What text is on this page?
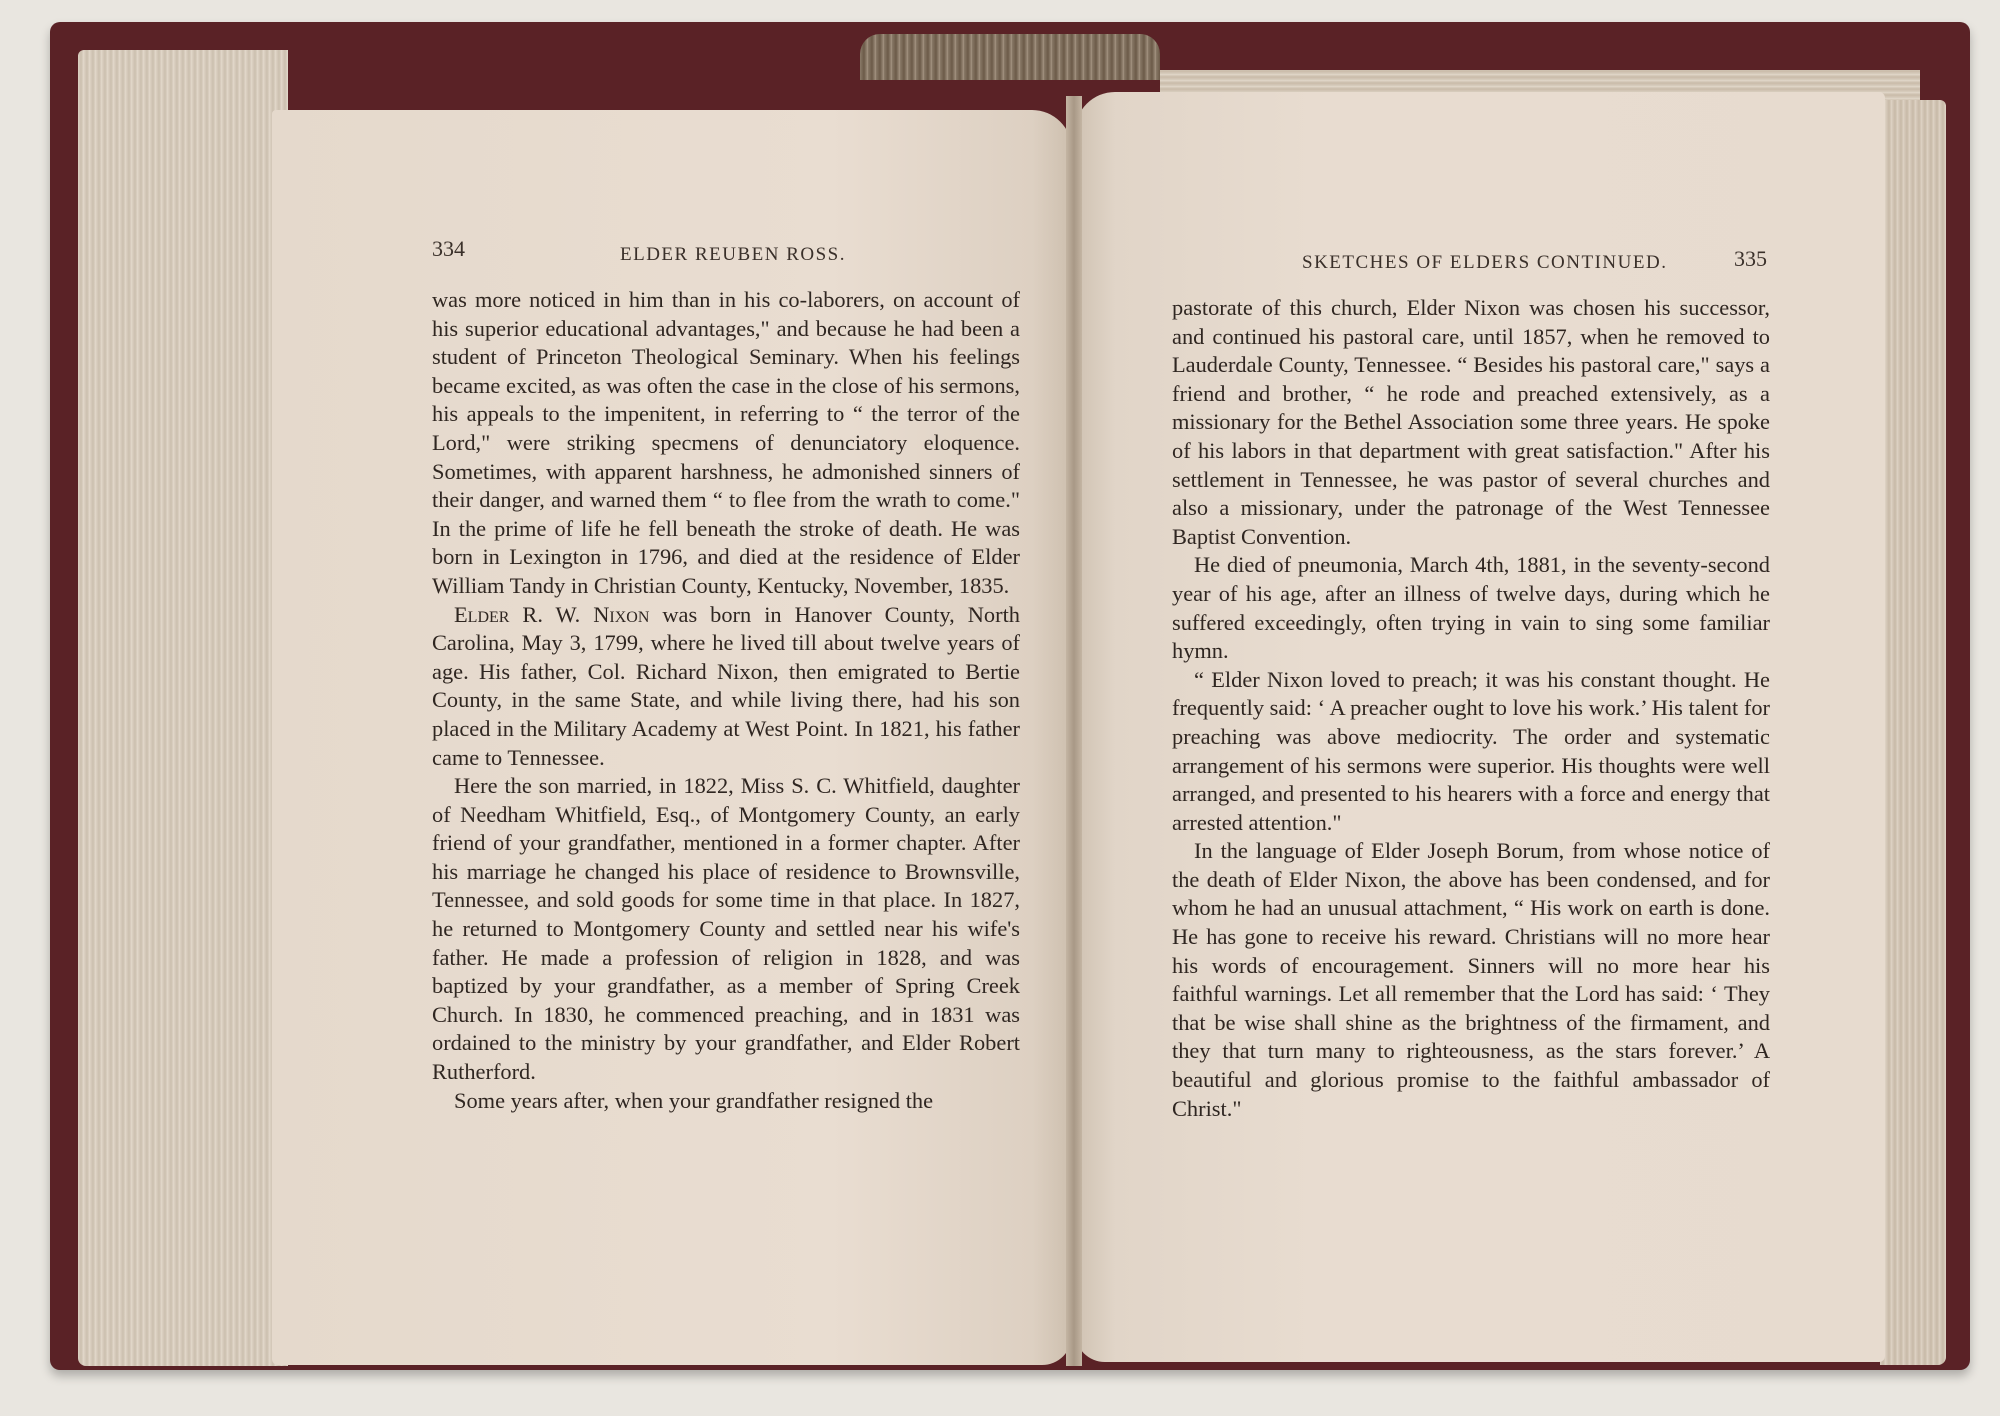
334	ELDER REUBEN ROSS.	SKETCHES OF ELDERS CONTINUED.	335

was more noticed in him than in his co-laborers, on account of his superior educational advantages," and because he had been a student of Princeton Theological Seminary. When his feelings became excited, as was often the case in the close of his sermons, his appeals to the impenitent, in referring to “ the terror of the Lord," were striking specmens of denunciatory eloquence. Sometimes, with apparent harshness, he admonished sinners of their danger, and warned them “ to flee from the wrath to come." In the prime of life he fell beneath the stroke of death. He was born in Lexington in 1796, and died at the residence of Elder William Tandy in Christian County, Kentucky, November, 1835.

Elder R. W. Nixon was born in Hanover County, North Carolina, May 3, 1799, where he lived till about twelve years of age. His father, Col. Richard Nixon, then emigrated to Bertie County, in the same State, and while living there, had his son placed in the Military Academy at West Point. In 1821, his father came to Tennessee.

Here the son married, in 1822, Miss S. C. Whitfield, daughter of Needham Whitfield, Esq., of Montgomery County, an early friend of your grandfather, mentioned in a former chapter. After his marriage he changed his place of residence to Brownsville, Tennessee, and sold goods for some time in that place. In 1827, he returned to Montgomery County and settled near his wife's father. He made a profession of religion in 1828, and was baptized by your grandfather, as a member of Spring Creek Church. In 1830, he commenced preaching, and in 1831 was ordained to the ministry by your grandfather, and Elder Robert Rutherford.

Some years after, when your grandfather resigned the

pastorate of this church, Elder Nixon was chosen his successor, and continued his pastoral care, until 1857, when he removed to Lauderdale County, Tennessee. “ Besides his pastoral care," says a friend and brother, “ he rode and preached extensively, as a missionary for the Bethel Association some three years. He spoke of his labors in that department with great satisfaction." After his settlement in Tennessee, he was pastor of several churches and also a missionary, under the patronage of the West Tennessee Baptist Convention.

He died of pneumonia, March 4th, 1881, in the seventy-second year of his age, after an illness of twelve days, during which he suffered exceedingly, often trying in vain to sing some familiar hymn.

“ Elder Nixon loved to preach; it was his constant thought. He frequently said: ‘ A preacher ought to love his work.’ His talent for preaching was above mediocrity. The order and systematic arrangement of his sermons were superior. His thoughts were well arranged, and presented to his hearers with a force and energy that arrested attention."

In the language of Elder Joseph Borum, from whose notice of the death of Elder Nixon, the above has been condensed, and for whom he had an unusual attachment, “ His work on earth is done. He has gone to receive his reward. Christians will no more hear his words of encouragement. Sinners will no more hear his faithful warnings. Let all remember that the Lord has said: ‘ They that be wise shall shine as the brightness of the firmament, and they that turn many to righteousness, as the stars forever.’ A beautiful and glorious promise to the faithful ambassador of Christ."
